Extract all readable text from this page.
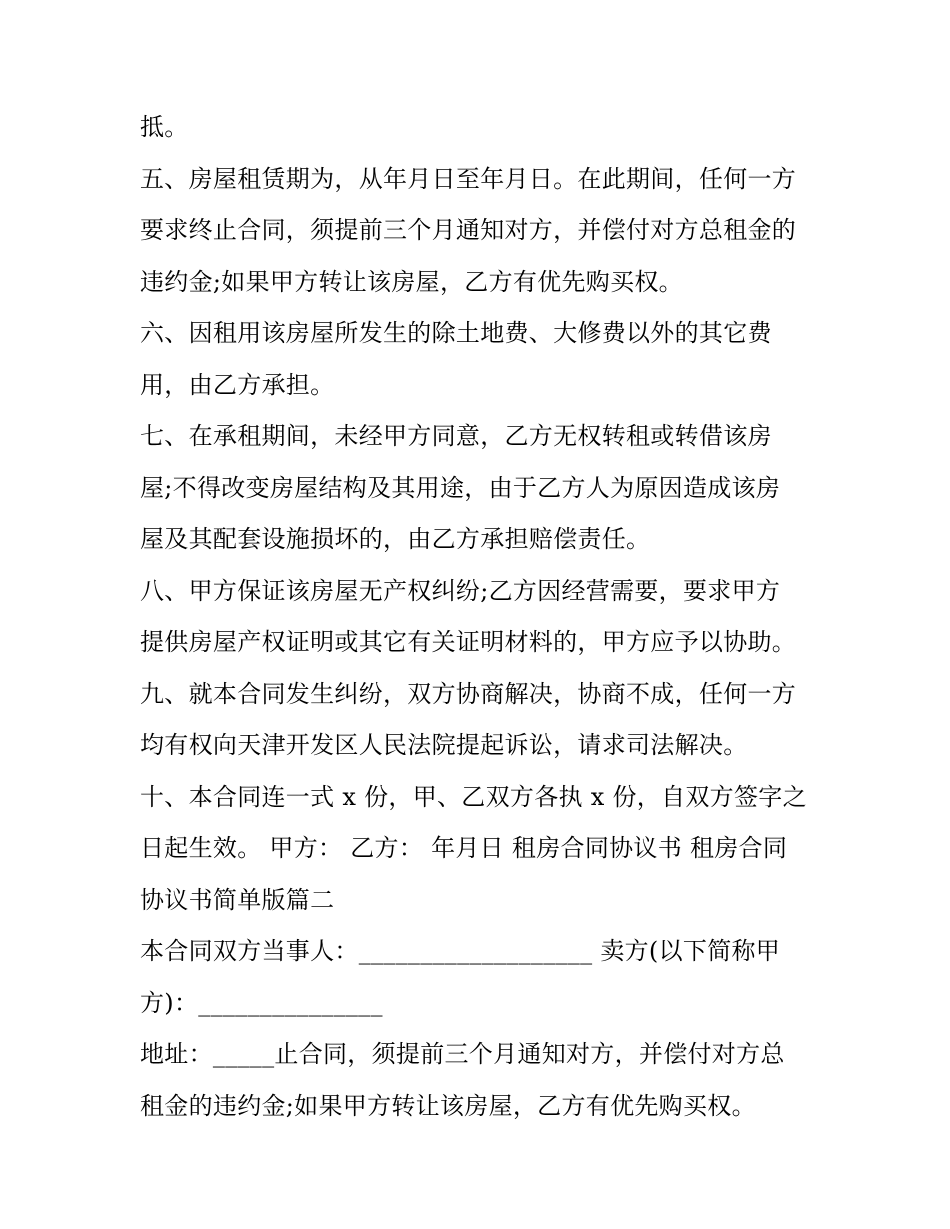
抵。
五、房屋租赁期为，从年月日至年月日。在此期间，任何一方
要求终止合同，须提前三个月通知对方，并偿付对方总租金的
违约金;如果甲方转让该房屋，乙方有优先购买权。
六、因租用该房屋所发生的除土地费、大修费以外的其它费
用，由乙方承担。
七、在承租期间，未经甲方同意，乙方无权转租或转借该房
屋;不得改变房屋结构及其用途，由于乙方人为原因造成该房
屋及其配套设施损坏的，由乙方承担赔偿责任。
八、甲方保证该房屋无产权纠纷;乙方因经营需要，要求甲方
提供房屋产权证明或其它有关证明材料的，甲方应予以协助。
九、就本合同发生纠纷，双方协商解决，协商不成，任何一方
均有权向天津开发区人民法院提起诉讼，请求司法解决。
十、本合同连一式 x 份，甲、乙双方各执 x 份，自双方签字之
日起生效。 甲方： 乙方： 年月日 租房合同协议书 租房合同
协议书简单版篇二
本合同双方当事人：___________________ 卖方(以下简称甲
方)：_______________
地址：_____止合同，须提前三个月通知对方，并偿付对方总
租金的违约金;如果甲方转让该房屋，乙方有优先购买权。
